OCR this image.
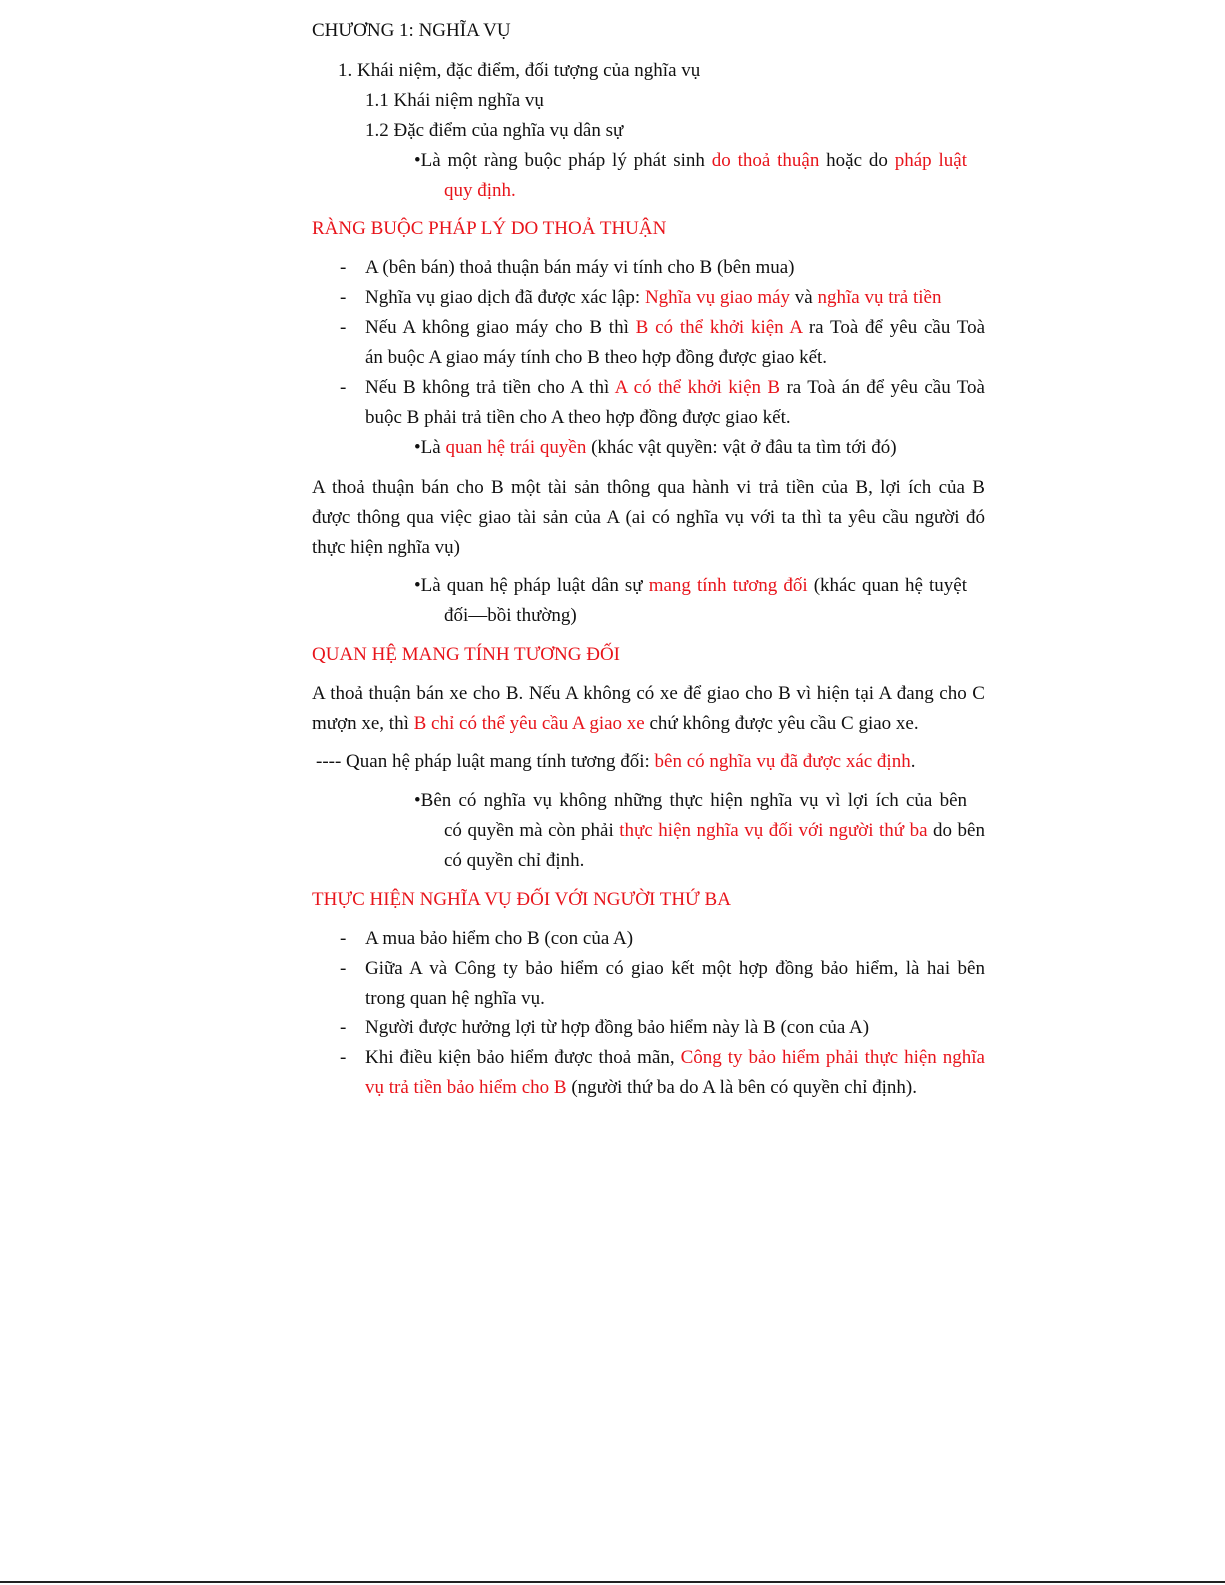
CHƯƠNG 1: NGHĨA VỤ
1. Khái niệm, đặc điểm, đối tượng của nghĩa vụ
1.1 Khái niệm nghĩa vụ
1.2 Đặc điểm của nghĩa vụ dân sự
•Là một ràng buộc pháp lý phát sinh do thoả thuận hoặc do pháp luật
quy định.
RÀNG BUỘC PHÁP LÝ DO THOẢ THUẬN
- A (bên bán) thoả thuận bán máy vi tính cho B (bên mua)
- Nghĩa vụ giao dịch đã được xác lập: Nghĩa vụ giao máy và nghĩa vụ trả tiền
- Nếu A không giao máy cho B thì B có thể khởi kiện A ra Toà để yêu cầu Toà
án buộc A giao máy tính cho B theo hợp đồng được giao kết.
- Nếu B không trả tiền cho A thì A có thể khởi kiện B ra Toà án để yêu cầu Toà
buộc B phải trả tiền cho A theo hợp đồng được giao kết.
•Là quan hệ trái quyền (khác vật quyền: vật ở đâu ta tìm tới đó)
A thoả thuận bán cho B một tài sản thông qua hành vi trả tiền của B, lợi ích của B
được thông qua việc giao tài sản của A (ai có nghĩa vụ với ta thì ta yêu cầu người đó
thực hiện nghĩa vụ)
•Là quan hệ pháp luật dân sự mang tính tương đối (khác quan hệ tuyệt
đối—bồi thường)
QUAN HỆ MANG TÍNH TƯƠNG ĐỐI
A thoả thuận bán xe cho B. Nếu A không có xe để giao cho B vì hiện tại A đang cho C
mượn xe, thì B chỉ có thể yêu cầu A giao xe chứ không được yêu cầu C giao xe.
---- Quan hệ pháp luật mang tính tương đối: bên có nghĩa vụ đã được xác định.
•Bên có nghĩa vụ không những thực hiện nghĩa vụ vì lợi ích của bên
có quyền mà còn phải thực hiện nghĩa vụ đối với người thứ ba do bên
có quyền chỉ định.
THỰC HIỆN NGHĨA VỤ ĐỐI VỚI NGƯỜI THỨ BA
- A mua bảo hiểm cho B (con của A)
- Giữa A và Công ty bảo hiểm có giao kết một hợp đồng bảo hiểm, là hai bên
trong quan hệ nghĩa vụ.
- Người được hưởng lợi từ hợp đồng bảo hiểm này là B (con của A)
- Khi điều kiện bảo hiểm được thoả mãn, Công ty bảo hiểm phải thực hiện nghĩa
vụ trả tiền bảo hiểm cho B (người thứ ba do A là bên có quyền chỉ định).
